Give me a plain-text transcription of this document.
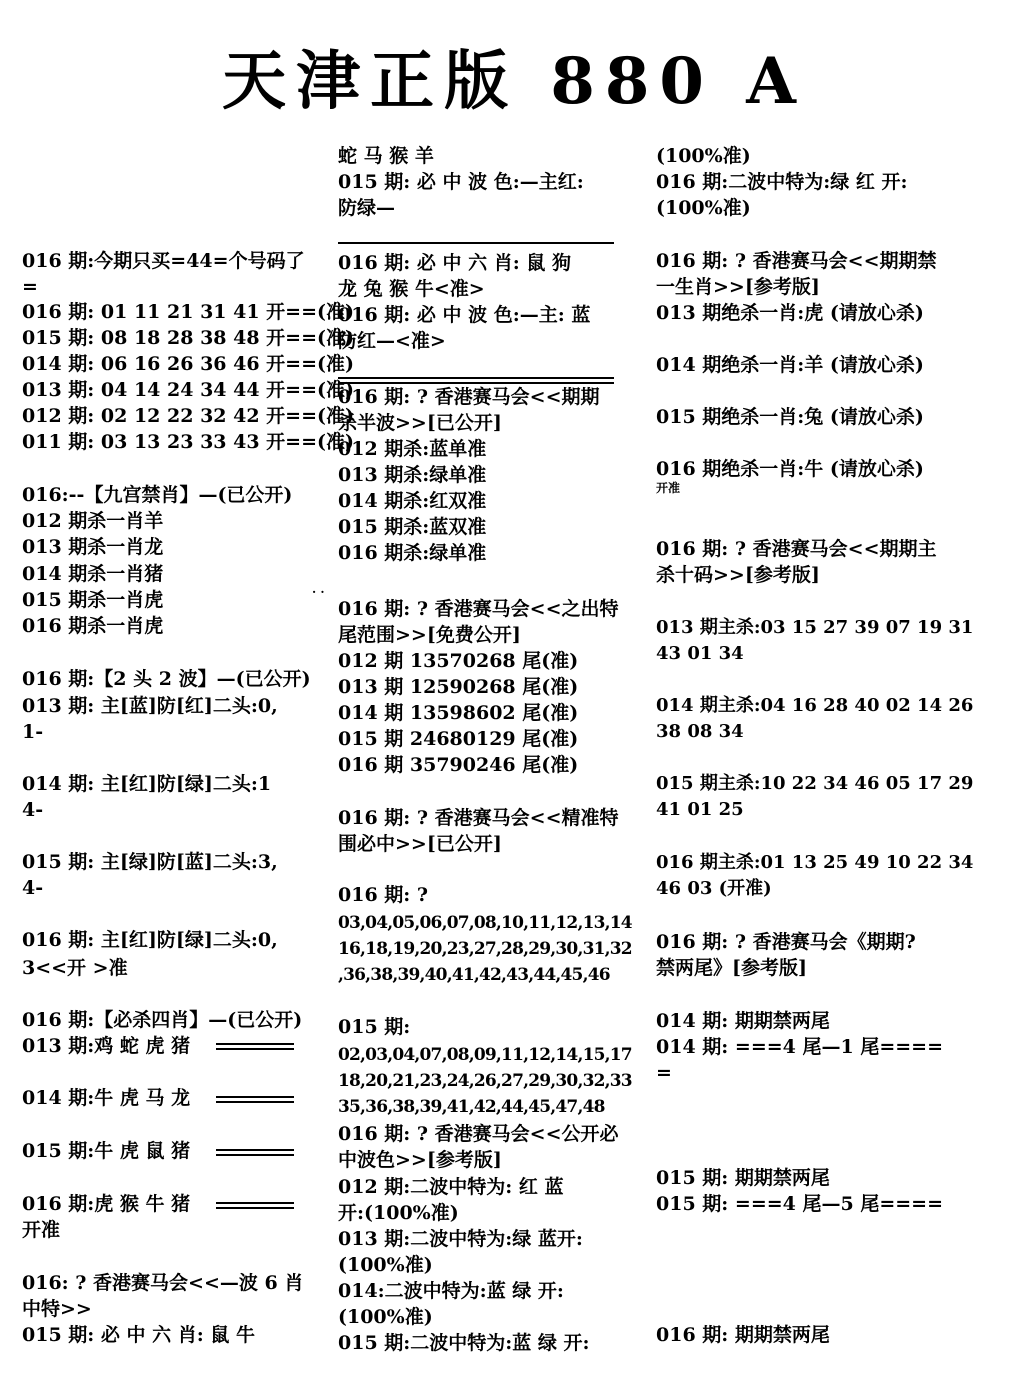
天津正版 880 A
016 期:今期只买=44=个号码了
=
016 期: 01 11 21 31 41 开==(准)
015 期: 08 18 28 38 48 开==(准)
014 期: 06 16 26 36 46 开==(准)
013 期: 04 14 24 34 44 开==(准)
012 期: 02 12 22 32 42 开==(准)
011 期: 03 13 23 33 43 开==(准)
016:--【九宫禁肖】—(已公开)
012 期杀一肖羊
013 期杀一肖龙
014 期杀一肖猪
015 期杀一肖虎
016 期杀一肖虎
016 期:【2 头 2 波】—(已公开)
013 期: 主[蓝]防[红]二头:0,
1-
014 期: 主[红]防[绿]二头:1
4-
015 期: 主[绿]防[蓝]二头:3,
4-
016 期: 主[红]防[绿]二头:0,
3<<开 >准
016 期:【必杀四肖】—(已公开)
013 期:鸡 蛇 虎 猪
014 期:牛 虎 马 龙
015 期:牛 虎 鼠 猪
016 期:虎 猴 牛 猪
开准
016: ? 香港赛马会<<—波 6 肖
中特>>
015 期: 必 中 六 肖: 鼠 牛
· ·
蛇 马 猴 羊
015 期: 必 中 波 色:—主红:
防绿—
016 期: 必 中 六 肖: 鼠 狗
龙 兔 猴 牛<准>
016 期: 必 中 波 色:—主: 蓝
防红—<准>
016 期: ? 香港赛马会<<期期
杀半波>>[已公开]
012 期杀:蓝单准
013 期杀:绿单准
014 期杀:红双准
015 期杀:蓝双准
016 期杀:绿单准
016 期: ? 香港赛马会<<之出特
尾范围>>[免费公开]
012 期 13570268 尾(准)
013 期 12590268 尾(准)
014 期 13598602 尾(准)
015 期 24680129 尾(准)
016 期 35790246 尾(准)
016 期: ? 香港赛马会<<精准特
围必中>>[已公开]
016 期: ?
03,04,05,06,07,08,10,11,12,13,14
16,18,19,20,23,27,28,29,30,31,32
,36,38,39,40,41,42,43,44,45,46
015 期:
02,03,04,07,08,09,11,12,14,15,17
18,20,21,23,24,26,27,29,30,32,33
35,36,38,39,41,42,44,45,47,48
016 期: ? 香港赛马会<<公开必
中波色>>[参考版]
012 期:二波中特为: 红 蓝
开:(100%准)
013 期:二波中特为:绿 蓝开:
(100%准)
014:二波中特为:蓝 绿 开:
(100%准)
015 期:二波中特为:蓝 绿 开:
(100%准)
016 期:二波中特为:绿 红 开:
(100%准)
016 期: ? 香港赛马会<<期期禁
一生肖>>[参考版]
013 期绝杀一肖:虎 (请放心杀)
014 期绝杀一肖:羊 (请放心杀)
015 期绝杀一肖:兔 (请放心杀)
016 期绝杀一肖:牛 (请放心杀)
开准
016 期: ? 香港赛马会<<期期主
杀十码>>[参考版]
013 期主杀:03 15 27 39 07 19 31
43 01 34
014 期主杀:04 16 28 40 02 14 26
38 08 34
015 期主杀:10 22 34 46 05 17 29
41 01 25
016 期主杀:01 13 25 49 10 22 34
46 03 (开准)
016 期: ? 香港赛马会《期期?
禁两尾》[参考版]
014 期: 期期禁两尾
014 期: ===4 尾—1 尾====
=
015 期: 期期禁两尾
015 期: ===4 尾—5 尾====
016 期: 期期禁两尾
